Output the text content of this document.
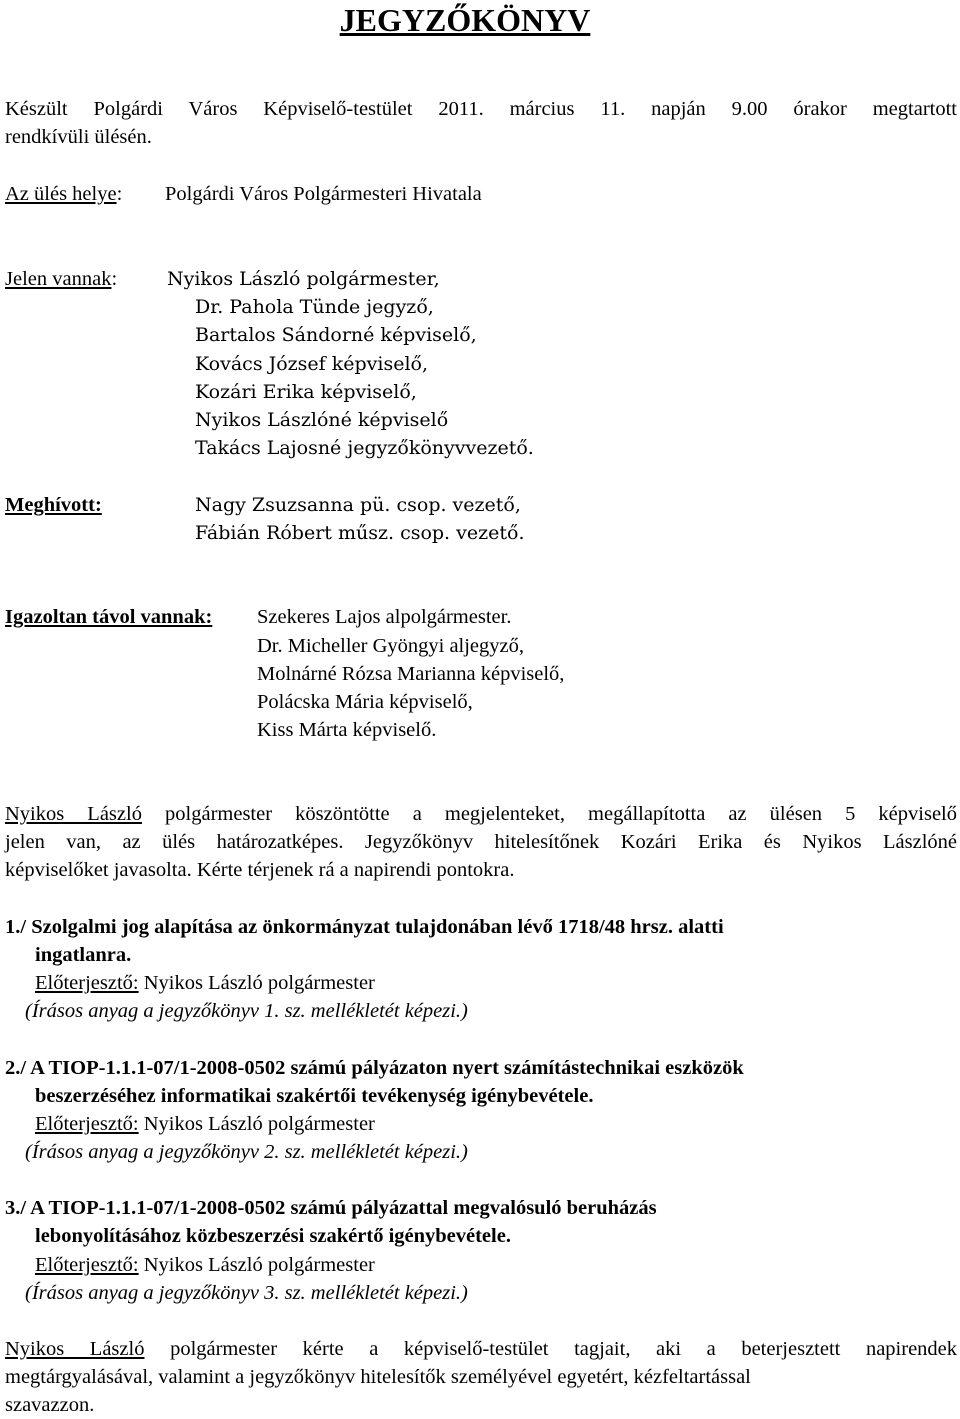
JEGYZŐKÖNYV
Készült Polgárdi Város Képviselő-testület 2011. március 11. napján 9.00 órakor megtartott
rendkívüli ülésén.
Az ülés helye: Polgárdi Város Polgármesteri Hivatala
Jelen vannak:	Nyikos László polgármester,
Dr. Pahola Tünde jegyző,
Bartalos Sándorné képviselő,
Kovács József képviselő,
Kozári Erika képviselő,
Nyikos Lászlóné képviselő
Takács Lajosné jegyzőkönyvvezető.
Meghívott:	Nagy Zsuzsanna pü. csop. vezető,
Fábián Róbert műsz. csop. vezető.
Igazoltan távol vannak: Szekeres Lajos alpolgármester.
Dr. Micheller Gyöngyi aljegyző,
Molnárné Rózsa Marianna képviselő,
Polácska Mária képviselő,
Kiss Márta képviselő.
Nyikos László polgármester köszöntötte a megjelenteket, megállapította az ülésen 5 képviselő
jelen van, az ülés határozatképes. Jegyzőkönyv hitelesítőnek Kozári Erika és Nyikos Lászlóné
képviselőket javasolta. Kérte térjenek rá a napirendi pontokra.
1./ Szolgalmi jog alapítása az önkormányzat tulajdonában lévő 1718/48 hrsz. alatti
ingatlanra.
Előterjesztő: Nyikos László polgármester
(Írásos anyag a jegyzőkönyv 1. sz. mellékletét képezi.)
2./ A TIOP-1.1.1-07/1-2008-0502 számú pályázaton nyert számítástechnikai eszközök
beszerzéséhez informatikai szakértői tevékenység igénybevétele.
Előterjesztő: Nyikos László polgármester
(Írásos anyag a jegyzőkönyv 2. sz. mellékletét képezi.)
3./ A TIOP-1.1.1-07/1-2008-0502 számú pályázattal megvalósuló beruházás
lebonyolításához közbeszerzési szakértő igénybevétele.
Előterjesztő: Nyikos László polgármester
(Írásos anyag a jegyzőkönyv 3. sz. mellékletét képezi.)
Nyikos László polgármester kérte a képviselő-testület tagjait, aki a beterjesztett napirendek
megtárgyalásával, valamint a jegyzőkönyv hitelesítők személyével egyetért, kézfeltartással
szavazzon.
